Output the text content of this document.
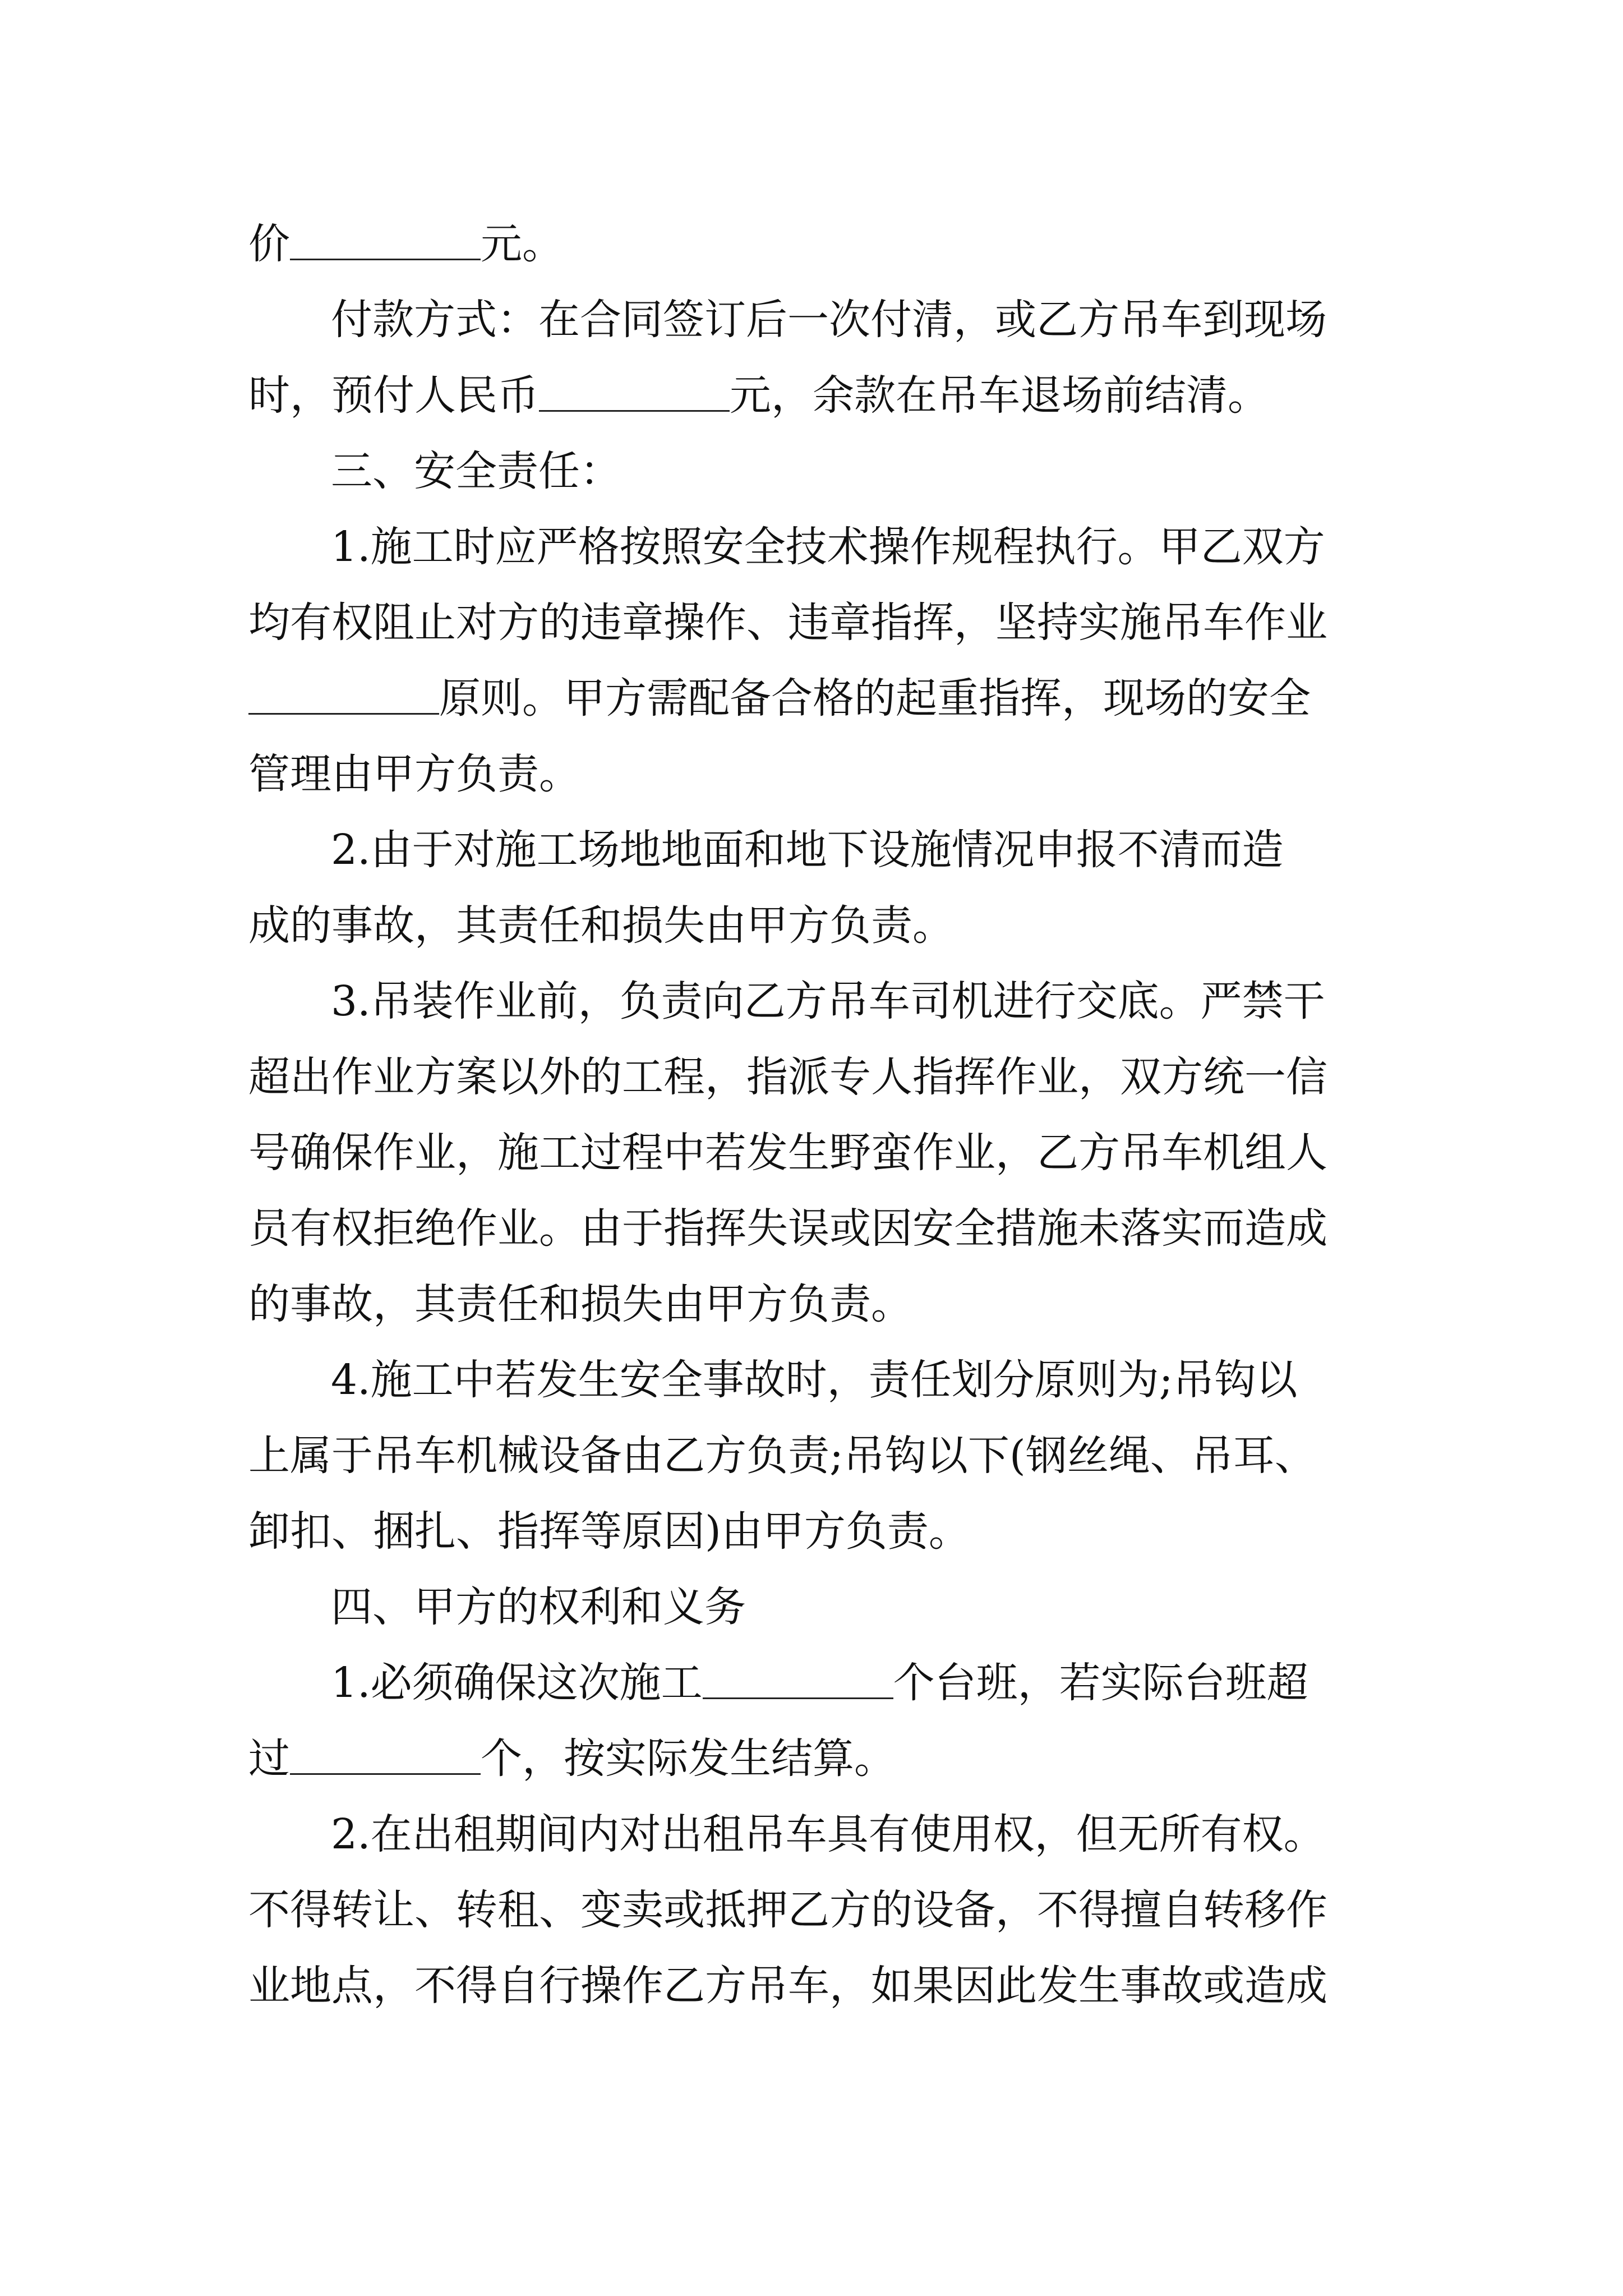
价	元。
付款方式：在合同签订后一次付清，或乙方吊车到现场
时，预付人民币	元，余款在吊车退场前结清。
三、安全责任：
1.施工时应严格按照安全技术操作规程执行。甲乙双方
均有权阻止对方的违章操作、违章指挥，坚持实施吊车作业
原则。甲方需配备合格的起重指挥，现场的安全
管理由甲方负责。
2.由于对施工场地地面和地下设施情况申报不清而造
成的事故，其责任和损失由甲方负责。
3.吊装作业前，负责向乙方吊车司机进行交底。严禁干
超出作业方案以外的工程，指派专人指挥作业，双方统一信
号确保作业，施工过程中若发生野蛮作业，乙方吊车机组人
员有权拒绝作业。由于指挥失误或因安全措施未落实而造成
的事故，其责任和损失由甲方负责。
4.施工中若发生安全事故时，责任划分原则为;吊钩以
上属于吊车机械设备由乙方负责;吊钩以下(钢丝绳、吊耳、
卸扣、捆扎、指挥等原因)由甲方负责。
四、甲方的权利和义务
1.必须确保这次施工	个台班，若实际台班超
过	个，按实际发生结算。
2.在出租期间内对出租吊车具有使用权，但无所有权。
不得转让、转租、变卖或抵押乙方的设备，不得擅自转移作
业地点，不得自行操作乙方吊车，如果因此发生事故或造成
